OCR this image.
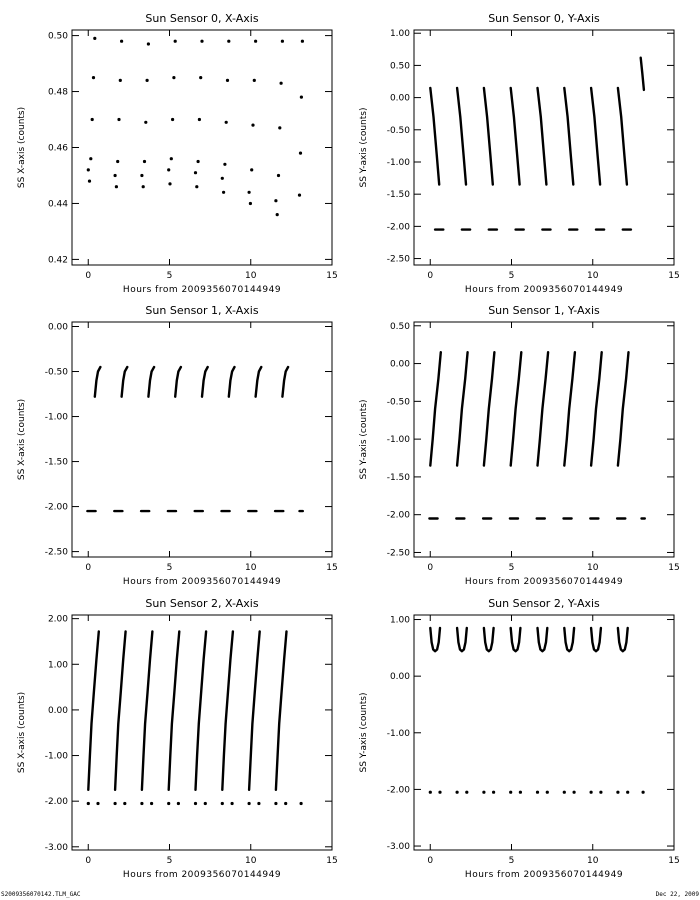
Sun Sensor 0, X-Axis
Hours from 2009356070144949
SS X-axis (counts)
0	5	10	15
0.42
0.44
0.46
0.48
0.50
Sun Sensor 0, Y-Axis
Hours from 2009356070144949
SS Y-axis (counts)
0	5	10	15
-2.50
-2.00
-1.50
-1.00
-0.50
0.00
0.50
1.00
Sun Sensor 1, X-Axis
Hours from 2009356070144949
SS X-axis (counts)
0	5	10	15
-2.50
-2.00
-1.50
-1.00
-0.50
0.00
Sun Sensor 1, Y-Axis
Hours from 2009356070144949
SS Y-axis (counts)
0	5	10	15
-2.50
-2.00
-1.50
-1.00
-0.50
0.00
0.50
Sun Sensor 2, X-Axis
Hours from 2009356070144949
SS X-axis (counts)
0	5	10	15
-3.00
-2.00
-1.00
0.00
1.00
2.00
Sun Sensor 2, Y-Axis
Hours from 2009356070144949
SS Y-axis (counts)
0	5	10	15
-3.00
-2.00
-1.00
0.00
1.00
S2009356070142.TLM_GAC	Dec 22, 2009
